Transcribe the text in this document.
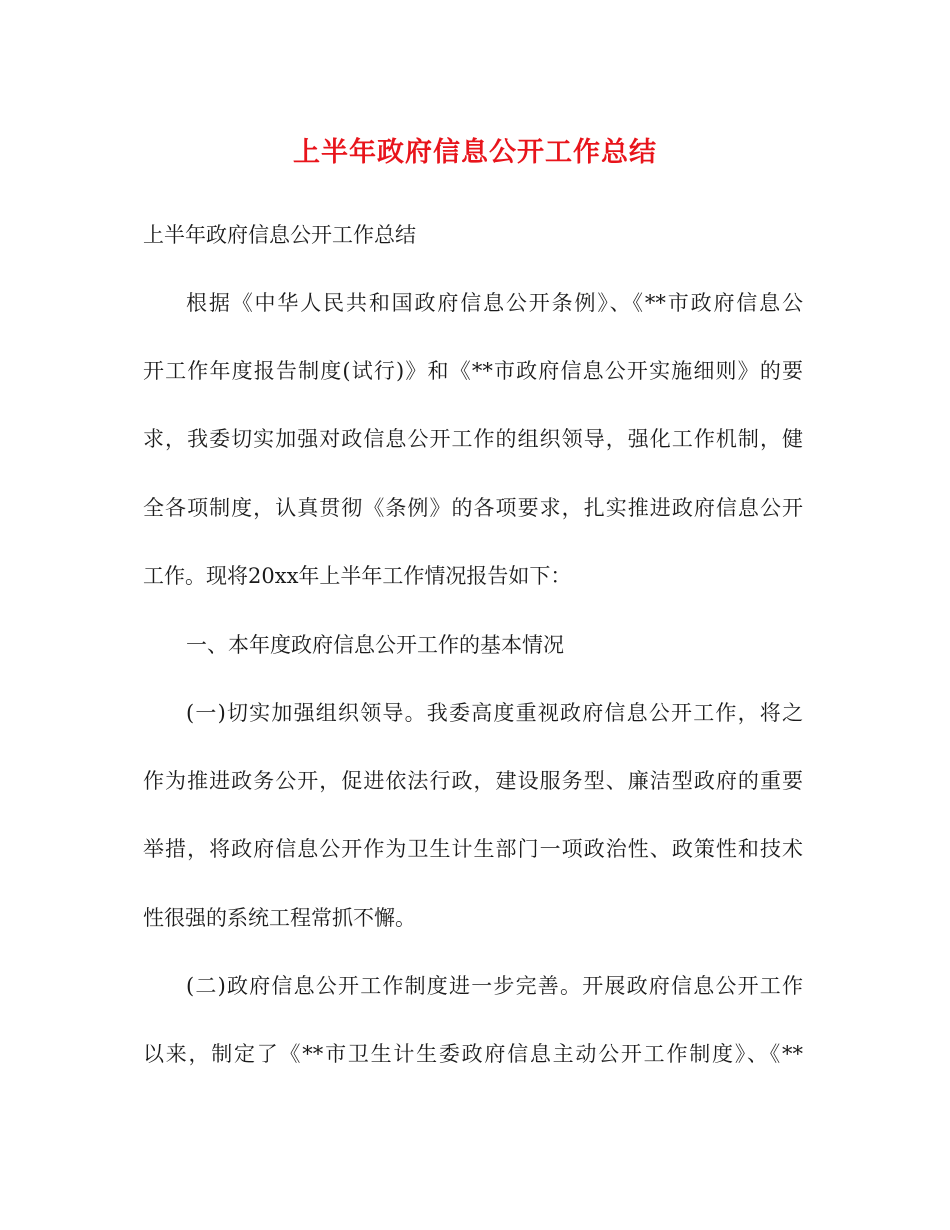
上半年政府信息公开工作总结
上半年政府信息公开工作总结
根据《中华人民共和国政府信息公开条例》、《**市政府信息公
开工作年度报告制度(试行)》和《**市政府信息公开实施细则》的要
求，我委切实加强对政信息公开工作的组织领导，强化工作机制，健
全各项制度，认真贯彻《条例》的各项要求，扎实推进政府信息公开
工作。现将20xx年上半年工作情况报告如下：
一、本年度政府信息公开工作的基本情况
(一)切实加强组织领导。我委高度重视政府信息公开工作，将之
作为推进政务公开，促进依法行政，建设服务型、廉洁型政府的重要
举措，将政府信息公开作为卫生计生部门一项政治性、政策性和技术
性很强的系统工程常抓不懈。
(二)政府信息公开工作制度进一步完善。开展政府信息公开工作
以来，制定了《**市卫生计生委政府信息主动公开工作制度》、《**
